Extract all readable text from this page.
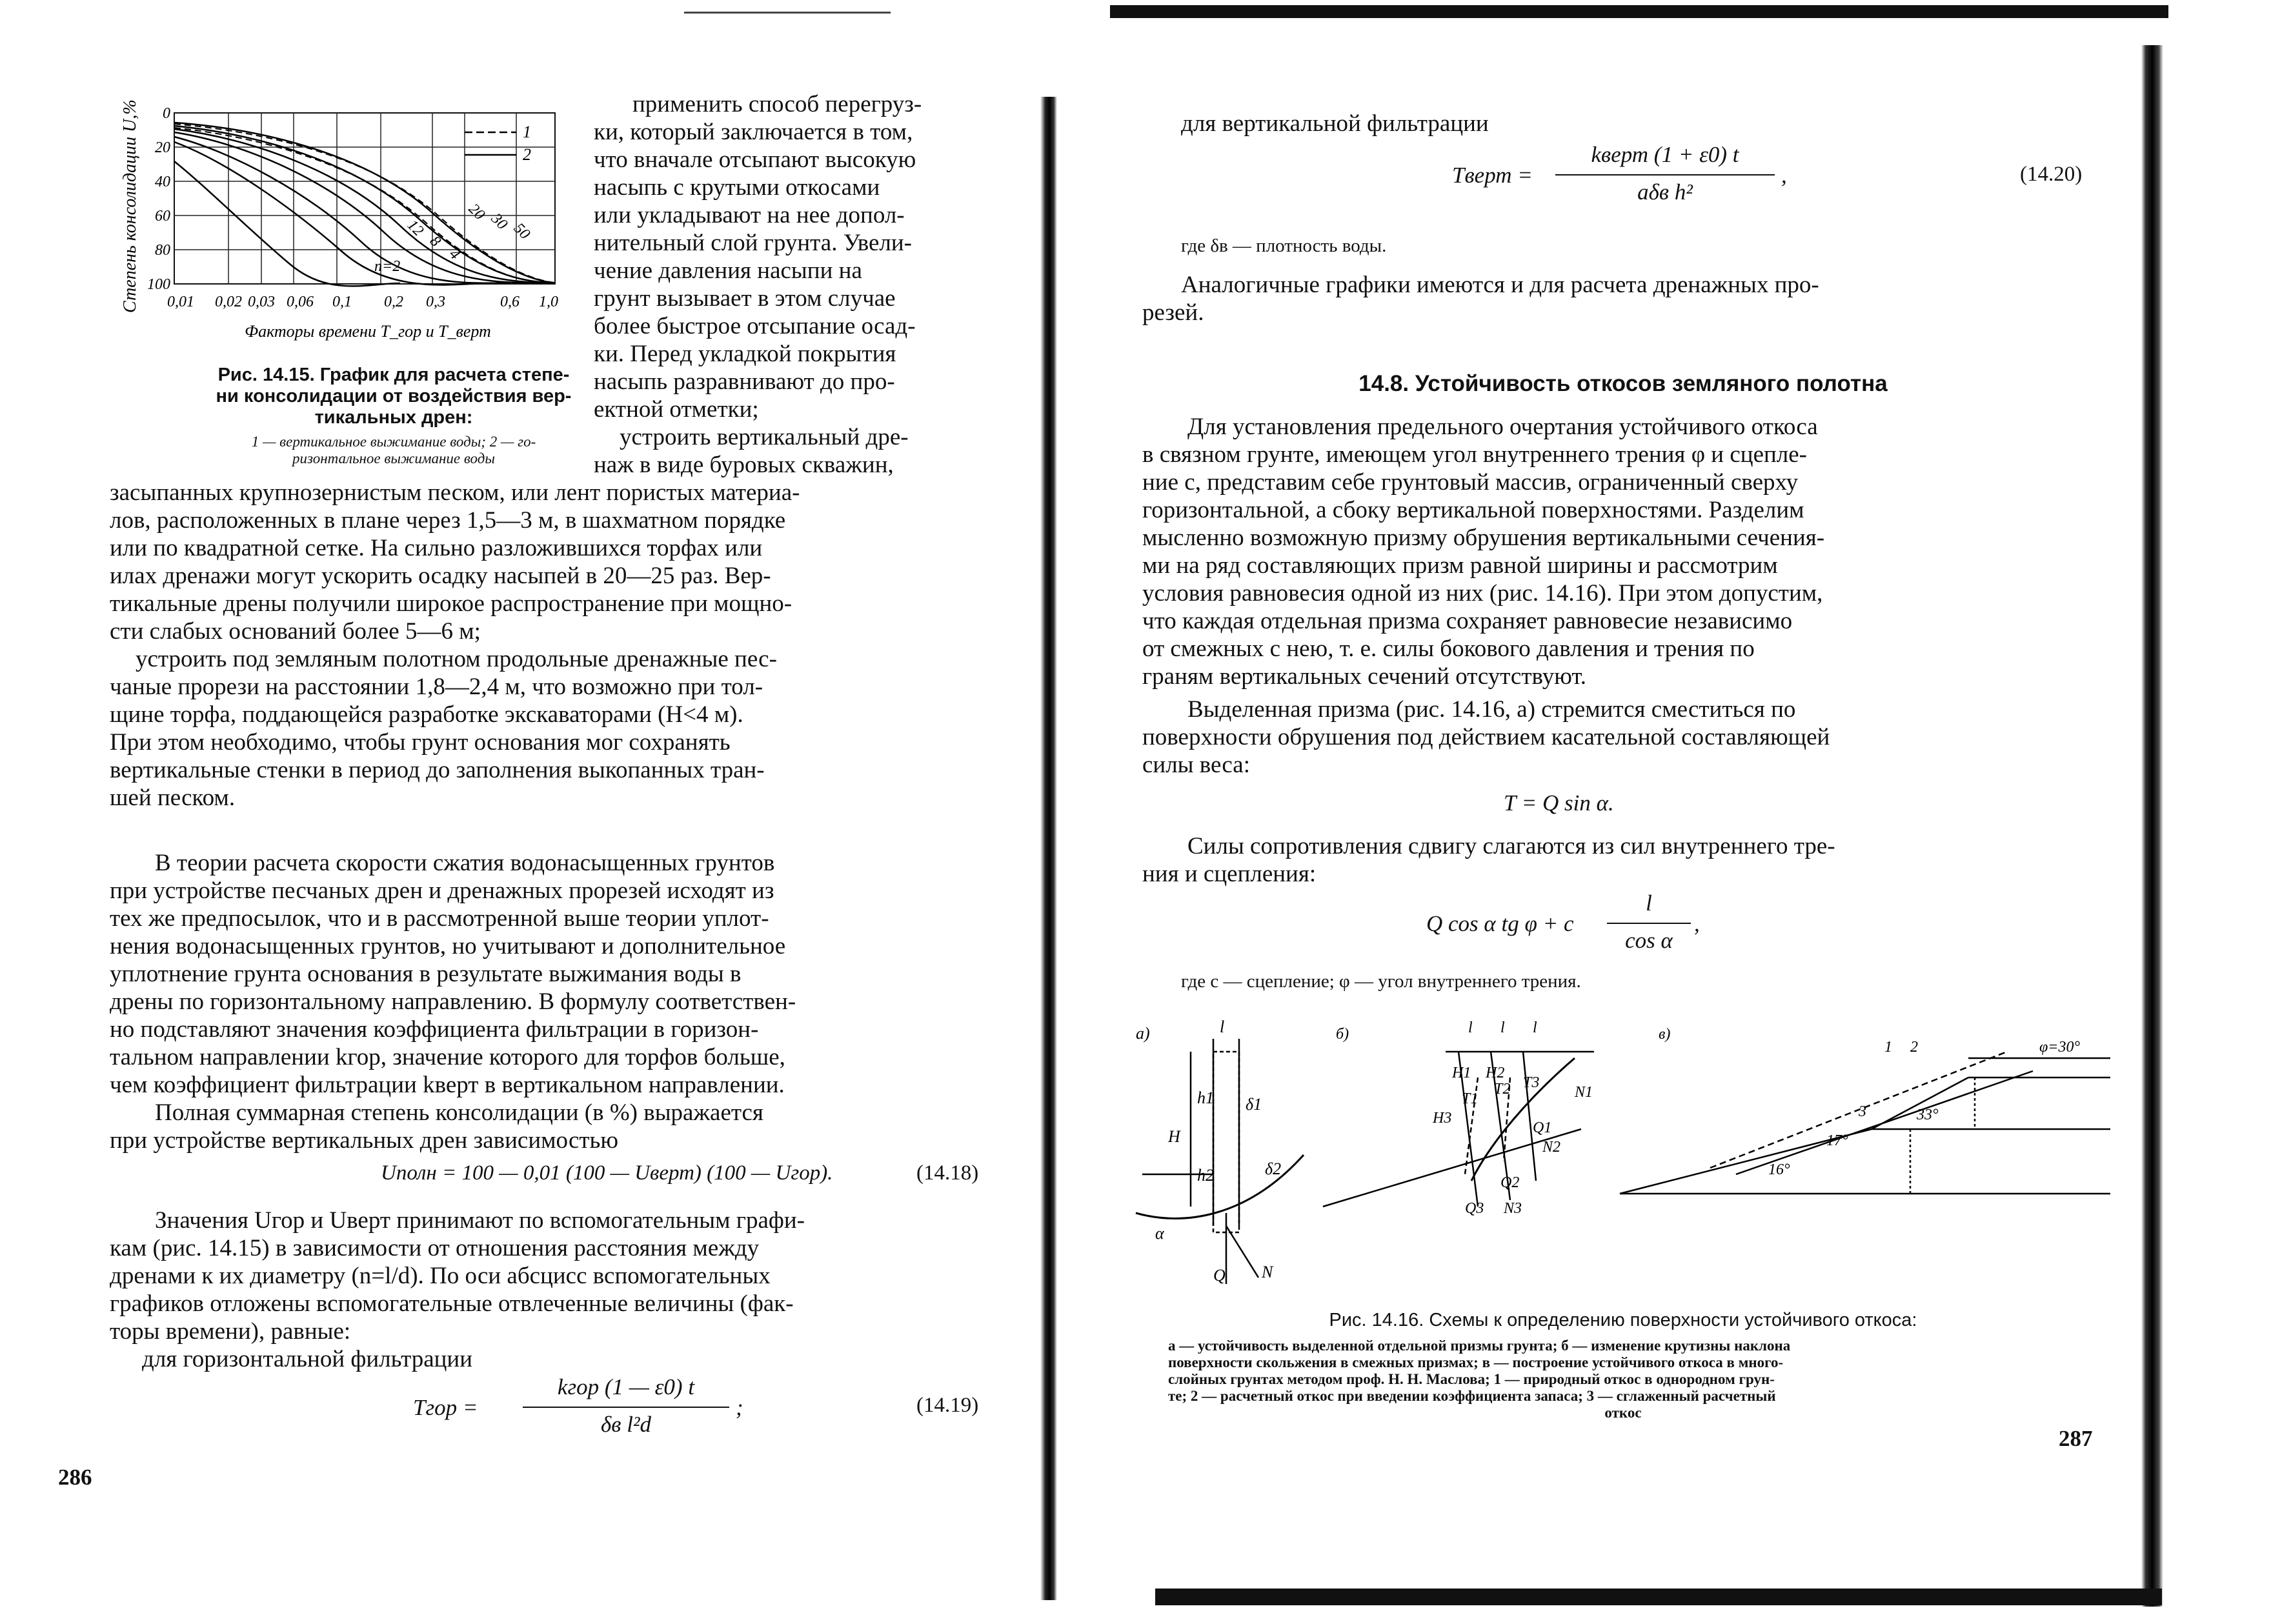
Степень консолидации U,%	1
2
20 30 50
12
8
4
n=2
0
20
40
60
80
100
0,01 0,02 0,03 0,06 0,1 0,2 0,3	0,6 1,0
Факторы времени T_гор и T_верт
Рис. 14.15. График для расчета степе-
ни консолидации от воздействия вер-
тикальных дрен:
1 — вертикальное выжимание воды; 2 — го-
ризонтальное выжимание воды
применить способ перегруз-
ки, который заключается в том,
что вначале отсыпают высокую
насыпь с крутыми откосами
или укладывают на нее допол-
нительный слой грунта. Увели-
чение давления насыпи на
грунт вызывает в этом случае
более быстрое отсыпание осад-
ки. Перед укладкой покрытия
насыпь разравнивают до про-
ектной отметки;
устроить вертикальный дре-
наж в виде буровых скважин,
засыпанных крупнозернистым песком, или лент пористых материа-
лов, расположенных в плане через 1,5—3 м, в шахматном порядке
или по квадратной сетке. На сильно разложившихся торфах или
илах дренажи могут ускорить осадку насыпей в 20—25 раз. Вер-
тикальные дрены получили широкое распространение при мощно-
сти слабых оснований более 5—6 м;
устроить под земляным полотном продольные дренажные пес-
чаные прорези на расстоянии 1,8—2,4 м, что возможно при тол-
щине торфа, поддающейся разработке экскаваторами (H<4 м).
При этом необходимо, чтобы грунт основания мог сохранять
вертикальные стенки в период до заполнения выкопанных тран-
шей песком.
В теории расчета скорости сжатия водонасыщенных грунтов
при устройстве песчаных дрен и дренажных прорезей исходят из
тех же предпосылок, что и в рассмотренной выше теории уплот-
нения водонасыщенных грунтов, но учитывают и дополнительное
уплотнение грунта основания в результате выжимания воды в
дрены по горизонтальному направлению. В формулу соответствен-
но подставляют значения коэффициента фильтрации в горизон-
тальном направлении kгор, значение которого для торфов больше,
чем коэффициент фильтрации kверт в вертикальном направлении.
Полная суммарная степень консолидации (в %) выражается
при устройстве вертикальных дрен зависимостью
Uполн = 100 — 0,01 (100 — Uверт) (100 — Uгор).	(14.18)
Значения Uгор и Uверт принимают по вспомогательным графи-
кам (рис. 14.15) в зависимости от отношения расстояния между
дренами к их диаметру (n=l/d). По оси абсцисс вспомогательных
графиков отложены вспомогательные отвлеченные величины (фак-
торы времени), равные:
для горизонтальной фильтрации
Tгор =
kгор (1 — ε0) t
δв l²d
;	(14.19)
286
для вертикальной фильтрации
Tверт =
kверт (1 + ε0) t
aδв h²
,	(14.20)
где δв — плотность воды.
Аналогичные графики имеются и для расчета дренажных про-
резей.
14.8. Устойчивость откосов земляного полотна
Для установления предельного очертания устойчивого откоса
в связном грунте, имеющем угол внутреннего трения φ и сцепле-
ние c, представим себе грунтовый массив, ограниченный сверху
горизонтальной, а сбоку вертикальной поверхностями. Разделим
мысленно возможную призму обрушения вертикальными сечения-
ми на ряд составляющих призм равной ширины и рассмотрим
условия равновесия одной из них (рис. 14.16). При этом допустим,
что каждая отдельная призма сохраняет равновесие независимо
от смежных с нею, т. е. силы бокового давления и трения по
граням вертикальных сечений отсутствуют.
Выделенная призма (рис. 14.16, a) стремится сместиться по
поверхности обрушения под действием касательной составляющей
силы веса:
T = Q sin α.
Силы сопротивления сдвигу слагаются из сил внутреннего тре-
ния и сцепления:
Q cos α tg φ + c
l
cos α
,
где c — сцепление; φ — угол внутреннего трения.
а)	l
H
h1
h2
δ1
δ2
α
Q N
б)	l l l
H1 H2
H3
T1
T2 T3
N1
N2
N3
Q1
Q2
Q3
в)
1 2
3
φ=30°
16°
17°
33°
Рис. 14.16. Схемы к определению поверхности устойчивого откоса:
а — устойчивость выделенной отдельной призмы грунта; б — изменение крутизны наклона
поверхности скольжения в смежных призмах; в — построение устойчивого откоса в много-
слойных грунтах методом проф. Н. Н. Маслова; 1 — природный откос в однородном грун-
те; 2 — расчетный откос при введении коэффициента запаса; 3 — сглаженный расчетный
откос
287
